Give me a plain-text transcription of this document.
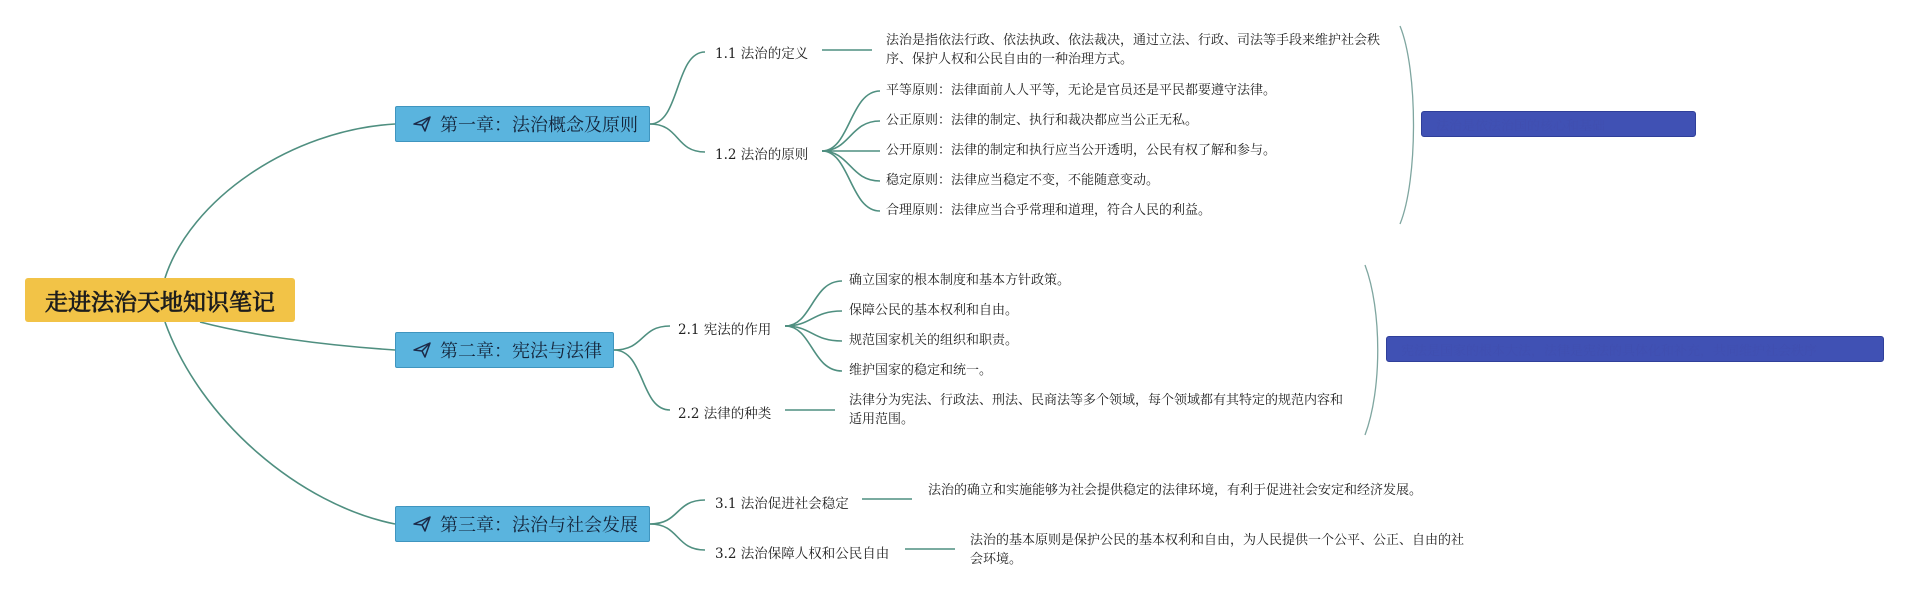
走进法治天地知识笔记
第一章：法治概念及原则
1.1 法治的定义
1.2 法治的原则
法治是指依法行政、依法执政、依法裁决，通过立法、行政、司法等手段来维护社会秩序、保护人权和公民自由的一种治理方式。
平等原则：法律面前人人平等，无论是官员还是平民都要遵守法律。
公正原则：法律的制定、执行和裁决都应当公正无私。
公开原则：法律的制定和执行应当公开透明，公民有权了解和参与。
稳定原则：法律应当稳定不变，不能随意变动。
合理原则：法律应当合乎常理和道理，符合人民的利益。
法治是依法治国的核心和基础
第二章：宪法与法律
2.1 宪法的作用
2.2 法律的种类
确立国家的根本制度和基本方针政策。
保障公民的基本权利和自由。
规范国家机关的组织和职责。
维护国家的稳定和统一。
法律分为宪法、行政法、刑法、民商法等多个领域，每个领域都有其特定的规范内容和适用范围。
宪法是国家的根本大法，法律是宪法的具体化和补充，共同维护社会秩序
第三章：法治与社会发展
3.1 法治促进社会稳定
3.2 法治保障人权和公民自由
法治的确立和实施能够为社会提供稳定的法律环境，有利于促进社会安定和经济发展。
法治的基本原则是保护公民的基本权利和自由，为人民提供一个公平、公正、自由的社会环境。
